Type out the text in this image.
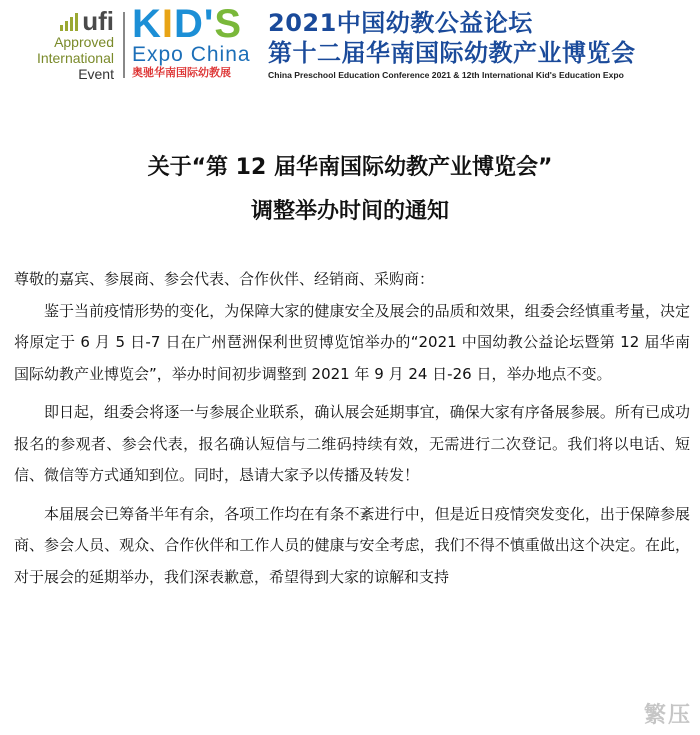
ufi
Approved
International
Event
KID'S
Expo China
奥驰华南国际幼教展
2021中国幼教公益论坛
第十二届华南国际幼教产业博览会
China Preschool Education Conference 2021 & 12th International Kid's Education Expo
关于“第 12 届华南国际幼教产业博览会”
调整举办时间的通知

尊敬的嘉宾、参展商、参会代表、合作伙伴、经销商、采购商：

鉴于当前疫情形势的变化，为保障大家的健康安全及展会的品质和效果，组委会经慎重考量，决定将原定于 6 月 5 日-7 日在广州琶洲保利世贸博览馆举办的“2021 中国幼教公益论坛暨第 12 届华南国际幼教产业博览会”，举办时间初步调整到 2021 年 9 月 24 日-26 日，举办地点不变。

即日起，组委会将逐一与参展企业联系，确认展会延期事宜，确保大家有序备展参展。所有已成功报名的参观者、参会代表，报名确认短信与二维码持续有效，无需进行二次登记。我们将以电话、短信、微信等方式通知到位。同时，恳请大家予以传播及转发！

本届展会已筹备半年有余，各项工作均在有条不紊进行中，但是近日疫情突发变化，出于保障参展商、参会人员、观众、合作伙伴和工作人员的健康与安全考虑，我们不得不慎重做出这个决定。在此，对于展会的延期举办，我们深表歉意，希望得到大家的谅解和支持

繁压
